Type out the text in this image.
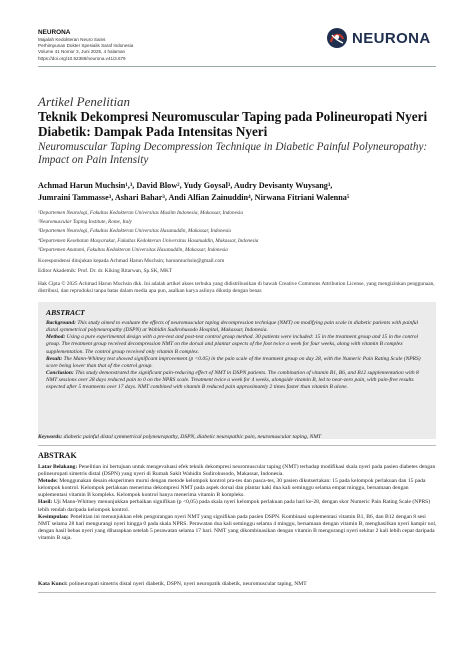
NEURONA
Majalah Kedokteran Neuro Sains
Perhimpunan Dokter Spesialis Saraf Indonesia
Volume 41 Nomor 3, Juni 2025, 4 halaman
https://doi.org/10.52386/neurona.v41i3.679
NEURONA
Artikel Penelitian
Teknik Dekompresi Neuromuscular Taping pada Polineuropati Nyeri Diabetik: Dampak Pada Intensitas Nyeri
Neuromuscular Taping Decompression Technique in Diabetic Painful Polyneuropathy: Impact on Pain Intensity
Achmad Harun Muchsin¹,³, David Blow², Yudy Goysal³, Audry Devisanty Wuysang³,
Jumraini Tammasse³, Ashari Bahar³, Andi Alfian Zainuddin⁴, Nirwana Fitriani Walenna⁵
¹Departemen Neurologi, Fakultas Kedokteran Universitas Muslim Indonesia, Makassar, Indonesia
²Neuromuscular Taping Institute, Rome, Italy
³Departemen Neurologi, Fakultas Kedokteran Universitas Hasanuddin, Makassar, Indonesia
⁴Departemen Kesehatan Masyarakat, Fakultas Kedokteran Universitas Hasanuddin, Makassar, Indonesia
⁵Departemen Anatomi, Fakultas Kedokteran Universitas Hasanuddin, Makassar, Indonesia
Korespondensi ditujukan kepada Achmad Harun Muchsin; harunmuchsin@gmail.com
Editor Akademik: Prof. Dr. dr. Kiking Ritarwan, Sp.SK, MKT
Hak Cipta © 2025 Achmad Harun Muchsin dkk. Ini adalah artikel akses terbuka yang didistribusikan di bawah Creative Commons Attribution License, yang mengizinkan penggunaan, distribusi, dan reproduksi tanpa batas dalam media apa pun, asalkan karya aslinya dikutip dengan benar.
ABSTRACT

Background: This study aimed to evaluate the effects of neuromuscular taping decompression technique (NMT) on modifying pain scale in diabetic patients with painful distal symmetrical polyneuropathy (DSPN) at Wahidin Sudirohusodo Hospital, Makassar, Indonesia.

Method: Using a pure experimental design with a pre-test and post-test control group method. 30 patients were included: 15 in the treatment group and 15 in the control group. The treatment group received decompression NMT on the dorsal and plantar aspects of the foot twice a week for four weeks, along with vitamin B complex supplementation. The control group received only vitamin B complex.

Result: The Mann-Whitney test showed significant improvement (p <0.05) in the pain scale of the treatment group on day 28, with the Numeric Pain Rating Scale (NPRS) score being lower than that of the control group.

Conclusion: This study demonstrated the significant pain-reducing effect of NMT in DSPN patients. The combination of vitamin B1, B6, and B12 supplementation with 8 NMT sessions over 28 days reduced pain to 0 on the NPRS scale. Treatment twice a week for 4 weeks, alongside vitamin B, led to near-zero pain, with pain-free results expected after 5 treatments over 17 days. NMT combined with vitamin B reduced pain approximately 2 times faster than vitamin B alone.

Keywords: diabetic painful distal symmetrical polyneuropathy, DSPN, diabetic neuropathic pain, neuromuscular taping, NMT
ABSTRAK

Latar Belakang: Penelitian ini bertujuan untuk mengevaluasi efek teknik dekompresi neuromuscular taping (NMT) terhadap modifikasi skala nyeri pada pasien diabetes dengan polineuropati simetris distal (DSPN) yang nyeri di Rumah Sakit Wahidin Sudirohusodo, Makassar, Indonesia.

Metode: Menggunakan desain eksperimen murni dengan metode kelompok kontrol pra-tes dan pasca-tes, 30 pasien dikutsertakan: 15 pada kelompok perlakuan dan 15 pada kelompok kontrol. Kelompok perlakuan menerima dekompresi NMT pada aspek dorsal dan plantar kaki dua kali seminggu selama empat minggu, bersamaan dengan suplementasi vitamin B kompleks. Kelompok kontrol hanya menerima vitamin B kompleks.

Hasil: Uji Mann-Whitney menunjukkan perbaikan signifikan (p <0,05) pada skala nyeri kelompok perlakuan pada hari ke-28, dengan skor Numeric Pain Rating Scale (NPRS) lebih rendah daripada kelompok kontrol.

Kesimpulan: Penelitian ini menunjukkan efek pengurangan nyeri NMT yang signifikan pada pasien DSPN. Kombinasi suplementasi vitamin B1, B6, dan B12 dengan 8 sesi NMT selama 28 hari mengurangi nyeri hingga 0 pada skala NPRS. Perawatan dua kali seminggu selama 4 minggu, bersamaan dengan vitamin B, menghasilkan nyeri hampir nol, dengan hasil bebas nyeri yang diharapkan setelah 5 perawatan selama 17 hari. NMT yang dikombinasikan dengan vitamin B mengurangi nyeri sekitar 2 kali lebih cepat daripada vitamin B saja.

Kata Kunci: polineuropati simetris distal nyeri diabetik, DSPN, nyeri neuropatik diabetik, neuromuscular taping, NMT
